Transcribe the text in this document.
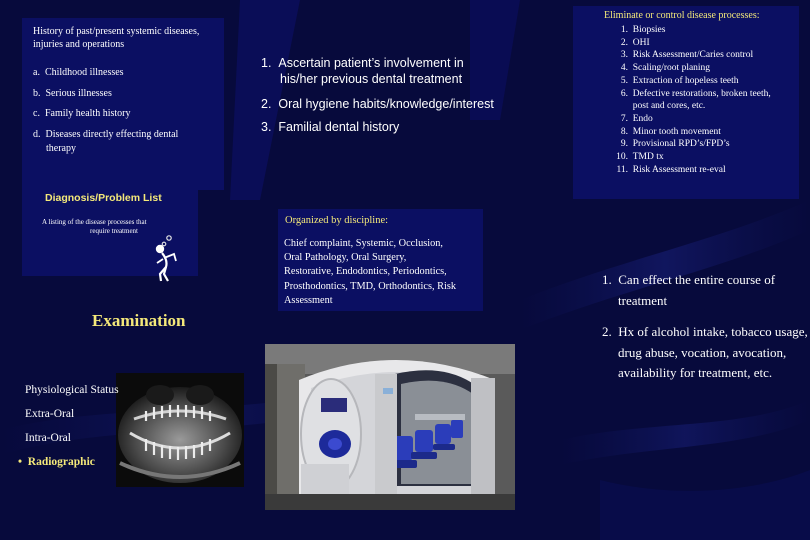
History of past/present systemic diseases,
injuries and operations
a. Childhood illnesses
b. Serious illnesses
c. Family health history
d. Diseases directly effecting dental
therapy
1. Ascertain patient’s involvement in
his/her previous dental treatment
2. Oral hygiene habits/knowledge/interest
3. Familial dental history
Eliminate or control disease processes:
1. Biopsies
2. OHI
3. Risk Assessment/Caries control
4. Scaling/root planing
5. Extraction of hopeless teeth
6. Defective restorations, broken teeth,
post and cores, etc.
7. Endo
8. Minor tooth movement
9. Provisional RPD’s/FPD’s
10. TMD tx
11. Risk Assessment re-eval
Diagnosis/Problem List
A listing of the disease processes that
require treatment
Organized by discipline:
Chief complaint, Systemic, Occlusion,
Oral Pathology, Oral Surgery,
Restorative, Endodontics, Periodontics,
Prosthodontics, TMD, Orthodontics, Risk
Assessment
1. Can effect the entire course of
treatment
2. Hx of alcohol intake, tobacco usage,
drug abuse, vocation, avocation,
availability for treatment, etc.
Examination
Physiological Status
Extra-Oral
Intra-Oral
• Radiographic
